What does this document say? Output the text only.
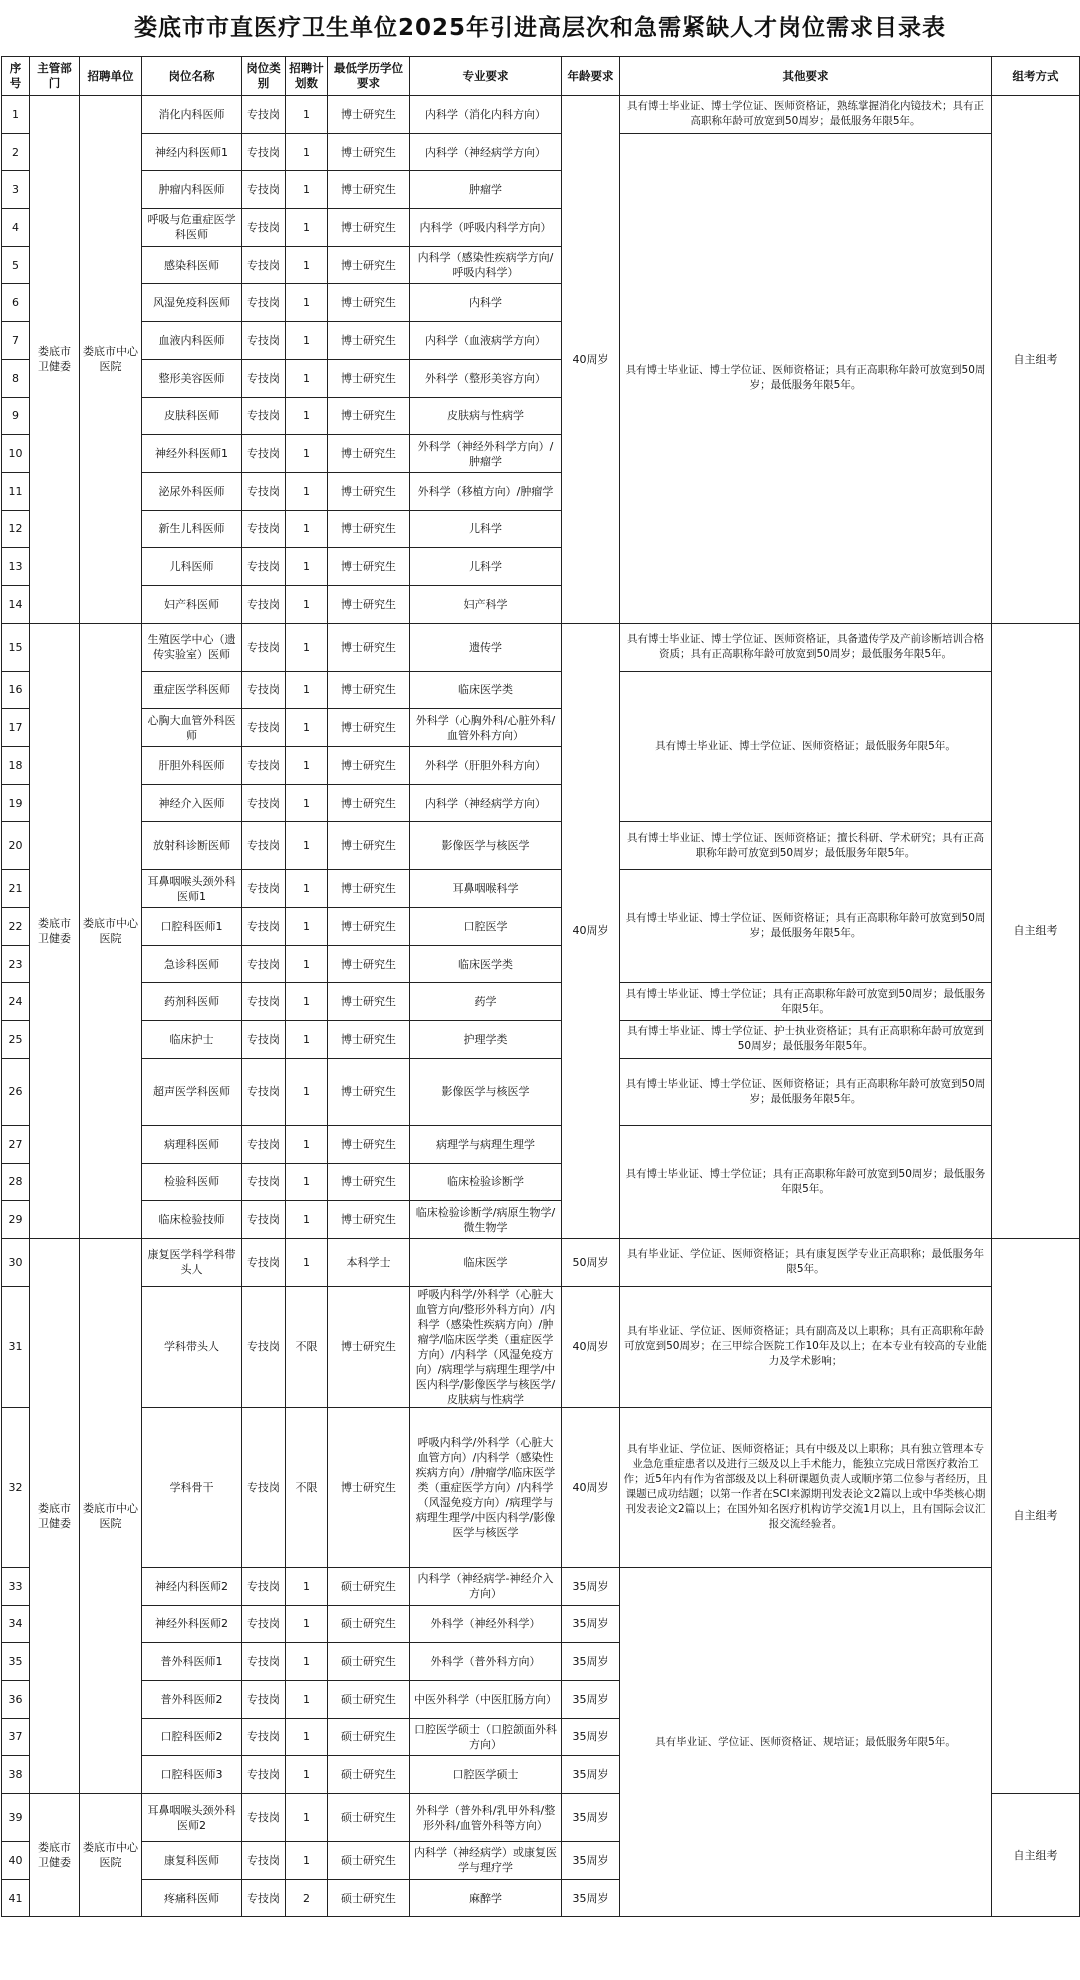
娄底市市直医疗卫生单位2025年引进高层次和急需紧缺人才岗位需求目录表
序号	主管部门	招聘单位	岗位名称	岗位类别	招聘计划数	最低学历学位要求	专业要求	年龄要求	其他要求	组考方式
1	娄底市卫健委	娄底市中心医院	消化内科医师	专技岗	1	博士研究生	内科学（消化内科方向）	40周岁	具有博士毕业证、博士学位证、医师资格证，熟练掌握消化内镜技术；具有正高职称年龄可放宽到50周岁；最低服务年限5年。	自主组考
2			神经内科医师1	专技岗	1	博士研究生	内科学（神经病学方向）		具有博士毕业证、博士学位证、医师资格证；具有正高职称年龄可放宽到50周岁；最低服务年限5年。	
3			肿瘤内科医师	专技岗	1	博士研究生	肿瘤学			
4			呼吸与危重症医学科医师	专技岗	1	博士研究生	内科学（呼吸内科学方向）			
5			感染科医师	专技岗	1	博士研究生	内科学（感染性疾病学方向/呼吸内科学）			
6			风湿免疫科医师	专技岗	1	博士研究生	内科学			
7			血液内科医师	专技岗	1	博士研究生	内科学（血液病学方向）			
8			整形美容医师	专技岗	1	博士研究生	外科学（整形美容方向）			
9			皮肤科医师	专技岗	1	博士研究生	皮肤病与性病学			
10			神经外科医师1	专技岗	1	博士研究生	外科学（神经外科学方向）/肿瘤学			
11			泌尿外科医师	专技岗	1	博士研究生	外科学（移植方向）/肿瘤学			
12			新生儿科医师	专技岗	1	博士研究生	儿科学			
13			儿科医师	专技岗	1	博士研究生	儿科学			
14			妇产科医师	专技岗	1	博士研究生	妇产科学			
15	娄底市卫健委	娄底市中心医院	生殖医学中心（遗传实验室）医师	专技岗	1	博士研究生	遗传学	40周岁	具有博士毕业证、博士学位证、医师资格证，具备遗传学及产前诊断培训合格资质；具有正高职称年龄可放宽到50周岁；最低服务年限5年。	自主组考
16			重症医学科医师	专技岗	1	博士研究生	临床医学类		具有博士毕业证、博士学位证、医师资格证；最低服务年限5年。	
17			心胸大血管外科医师	专技岗	1	博士研究生	外科学（心胸外科/心脏外科/血管外科方向）			
18			肝胆外科医师	专技岗	1	博士研究生	外科学（肝胆外科方向）			
19			神经介入医师	专技岗	1	博士研究生	内科学（神经病学方向）			
20			放射科诊断医师	专技岗	1	博士研究生	影像医学与核医学		具有博士毕业证、博士学位证、医师资格证；擅长科研、学术研究；具有正高职称年龄可放宽到50周岁；最低服务年限5年。	
21			耳鼻咽喉头颈外科医师1	专技岗	1	博士研究生	耳鼻咽喉科学		具有博士毕业证、博士学位证、医师资格证；具有正高职称年龄可放宽到50周岁；最低服务年限5年。	
22			口腔科医师1	专技岗	1	博士研究生	口腔医学			
23			急诊科医师	专技岗	1	博士研究生	临床医学类			
24			药剂科医师	专技岗	1	博士研究生	药学		具有博士毕业证、博士学位证；具有正高职称年龄可放宽到50周岁；最低服务年限5年。	
25			临床护士	专技岗	1	博士研究生	护理学类		具有博士毕业证、博士学位证、护士执业资格证；具有正高职称年龄可放宽到50周岁；最低服务年限5年。	
26			超声医学科医师	专技岗	1	博士研究生	影像医学与核医学		具有博士毕业证、博士学位证、医师资格证；具有正高职称年龄可放宽到50周岁；最低服务年限5年。	
27			病理科医师	专技岗	1	博士研究生	病理学与病理生理学		具有博士毕业证、博士学位证；具有正高职称年龄可放宽到50周岁；最低服务年限5年。	
28			检验科医师	专技岗	1	博士研究生	临床检验诊断学			
29			临床检验技师	专技岗	1	博士研究生	临床检验诊断学/病原生物学/微生物学			
30	娄底市卫健委	娄底市中心医院	康复医学科学科带头人	专技岗	1	本科学士	临床医学	50周岁	具有毕业证、学位证、医师资格证；具有康复医学专业正高职称；最低服务年限5年。	自主组考
31			学科带头人	专技岗	不限	博士研究生	呼吸内科学/外科学（心脏大血管方向/整形外科方向）/内科学（感染性疾病方向）/肿瘤学/临床医学类（重症医学方向）/内科学（风湿免疫方向）/病理学与病理生理学/中医内科学/影像医学与核医学/皮肤病与性病学	40周岁	具有毕业证、学位证、医师资格证；具有副高及以上职称；具有正高职称年龄可放宽到50周岁；在三甲综合医院工作10年及以上；在本专业有较高的专业能力及学术影响；	
32			学科骨干	专技岗	不限	博士研究生	呼吸内科学/外科学（心脏大血管方向）/内科学（感染性疾病方向）/肿瘤学/临床医学类（重症医学方向）/内科学（风湿免疫方向）/病理学与病理生理学/中医内科学/影像医学与核医学	40周岁	具有毕业证、学位证、医师资格证；具有中级及以上职称；具有独立管理本专业急危重症患者以及进行三级及以上手术能力，能独立完成日常医疗救治工作；近5年内有作为省部级及以上科研课题负责人或顺序第二位参与者经历，且课题已成功结题；以第一作者在SCI来源期刊发表论文2篇以上或中华类核心期刊发表论文2篇以上；在国外知名医疗机构访学交流1月以上，且有国际会议汇报交流经验者。	
33			神经内科医师2	专技岗	1	硕士研究生	内科学（神经病学-神经介入方向）	35周岁	具有毕业证、学位证、医师资格证、规培证；最低服务年限5年。	
34			神经外科医师2	专技岗	1	硕士研究生	外科学（神经外科学）	35周岁		
35			普外科医师1	专技岗	1	硕士研究生	外科学（普外科方向）	35周岁		
36			普外科医师2	专技岗	1	硕士研究生	中医外科学（中医肛肠方向）	35周岁		
37			口腔科医师2	专技岗	1	硕士研究生	口腔医学硕士（口腔颌面外科方向）	35周岁		
38			口腔科医师3	专技岗	1	硕士研究生	口腔医学硕士	35周岁		
39	娄底市卫健委	娄底市中心医院	耳鼻咽喉头颈外科医师2	专技岗	1	硕士研究生	外科学（普外科/乳甲外科/整形外科/血管外科等方向）	35周岁		自主组考
40			康复科医师	专技岗	1	硕士研究生	内科学（神经病学）或康复医学与理疗学	35周岁		
41			疼痛科医师	专技岗	2	硕士研究生	麻醉学	35周岁		
